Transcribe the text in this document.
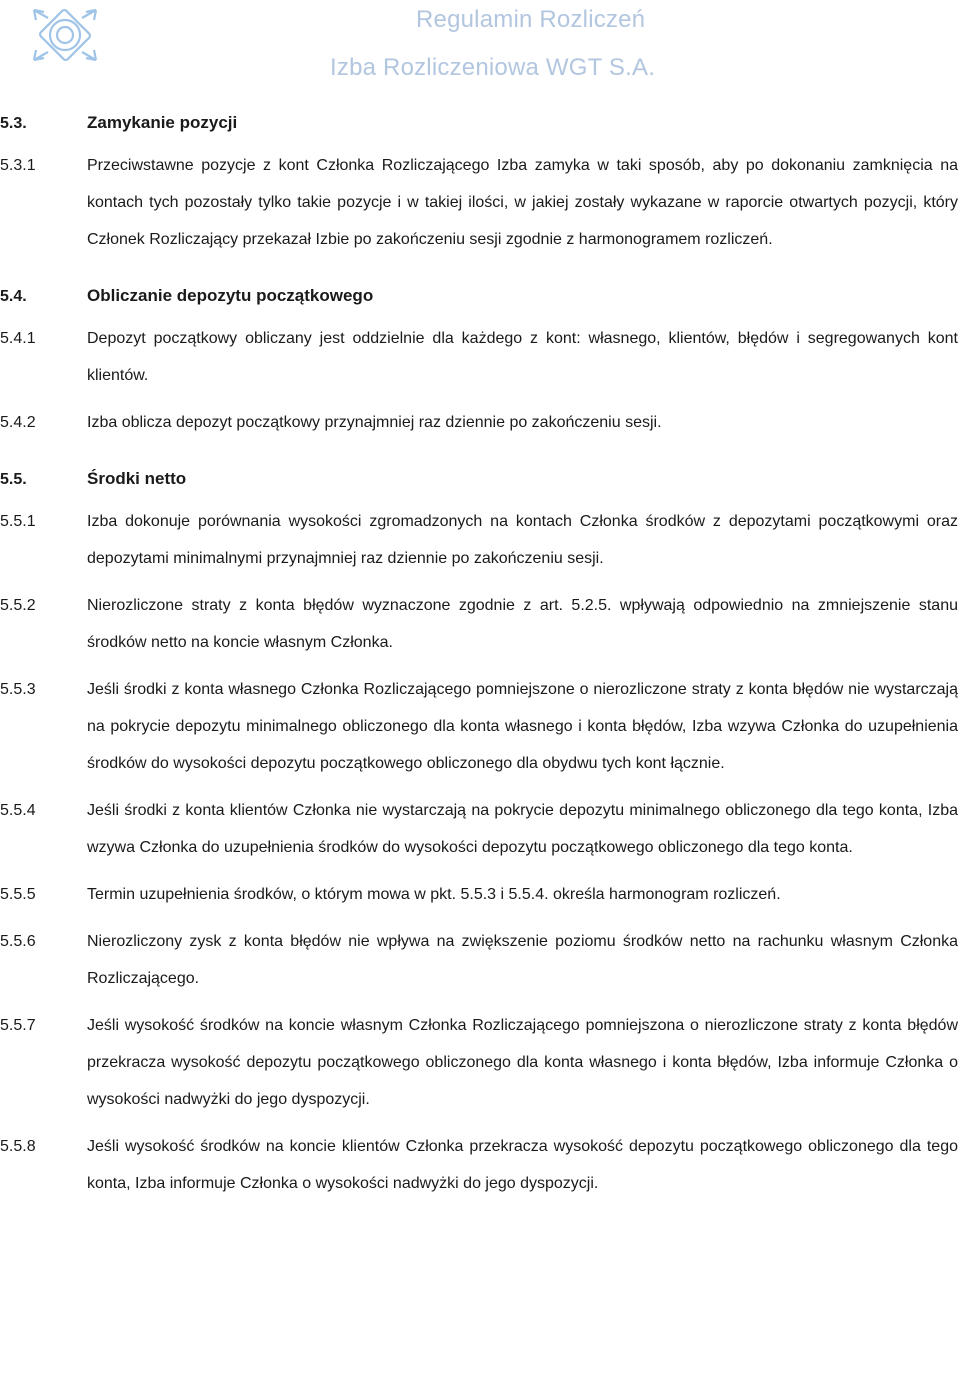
Regulamin Rozliczeń
Izba Rozliczeniowa WGT S.A.
5.3.	Zamykanie pozycji
5.3.1	Przeciwstawne pozycje z kont Członka Rozliczającego Izba zamyka w taki sposób, aby po dokonaniu zamknięcia na kontach tych pozostały tylko takie pozycje i w takiej ilości, w jakiej zostały wykazane w raporcie otwartych pozycji, który Członek Rozliczający przekazał Izbie po zakończeniu sesji zgodnie z harmonogramem rozliczeń.
5.4.	Obliczanie depozytu początkowego
5.4.1	Depozyt początkowy obliczany jest oddzielnie dla każdego z kont: własnego, klientów, błędów i segregowanych kont klientów.
5.4.2	Izba oblicza depozyt początkowy przynajmniej raz dziennie po zakończeniu sesji.
5.5.	Środki netto
5.5.1	Izba dokonuje porównania wysokości zgromadzonych na kontach Członka środków z depozytami początkowymi oraz depozytami minimalnymi przynajmniej raz dziennie po zakończeniu sesji.
5.5.2	Nierozliczone straty z konta błędów wyznaczone zgodnie z art. 5.2.5. wpływają odpowiednio na zmniejszenie stanu środków netto na koncie własnym Członka.
5.5.3	Jeśli środki z konta własnego Członka Rozliczającego pomniejszone o nierozliczone straty z konta błędów nie wystarczają na pokrycie depozytu minimalnego obliczonego dla konta własnego i konta błędów, Izba wzywa Członka do uzupełnienia środków do wysokości depozytu początkowego obliczonego dla obydwu tych kont łącznie.
5.5.4	Jeśli środki z konta klientów Członka nie wystarczają na pokrycie depozytu minimalnego obliczonego dla tego konta, Izba wzywa Członka do uzupełnienia środków do wysokości depozytu początkowego obliczonego dla tego konta.
5.5.5	Termin uzupełnienia środków, o którym mowa w pkt. 5.5.3 i 5.5.4. określa harmonogram rozliczeń.
5.5.6	Nierozliczony zysk z konta błędów nie wpływa na zwiększenie poziomu środków netto na rachunku własnym Członka Rozliczającego.
5.5.7	Jeśli wysokość środków na koncie własnym Członka Rozliczającego pomniejszona o nierozliczone straty z konta błędów przekracza wysokość depozytu początkowego obliczonego dla konta własnego i konta błędów, Izba informuje Członka o wysokości nadwyżki do jego dyspozycji.
5.5.8	Jeśli wysokość środków na koncie klientów Członka przekracza wysokość depozytu początkowego obliczonego dla tego konta, Izba informuje Członka o wysokości nadwyżki do jego dyspozycji.
